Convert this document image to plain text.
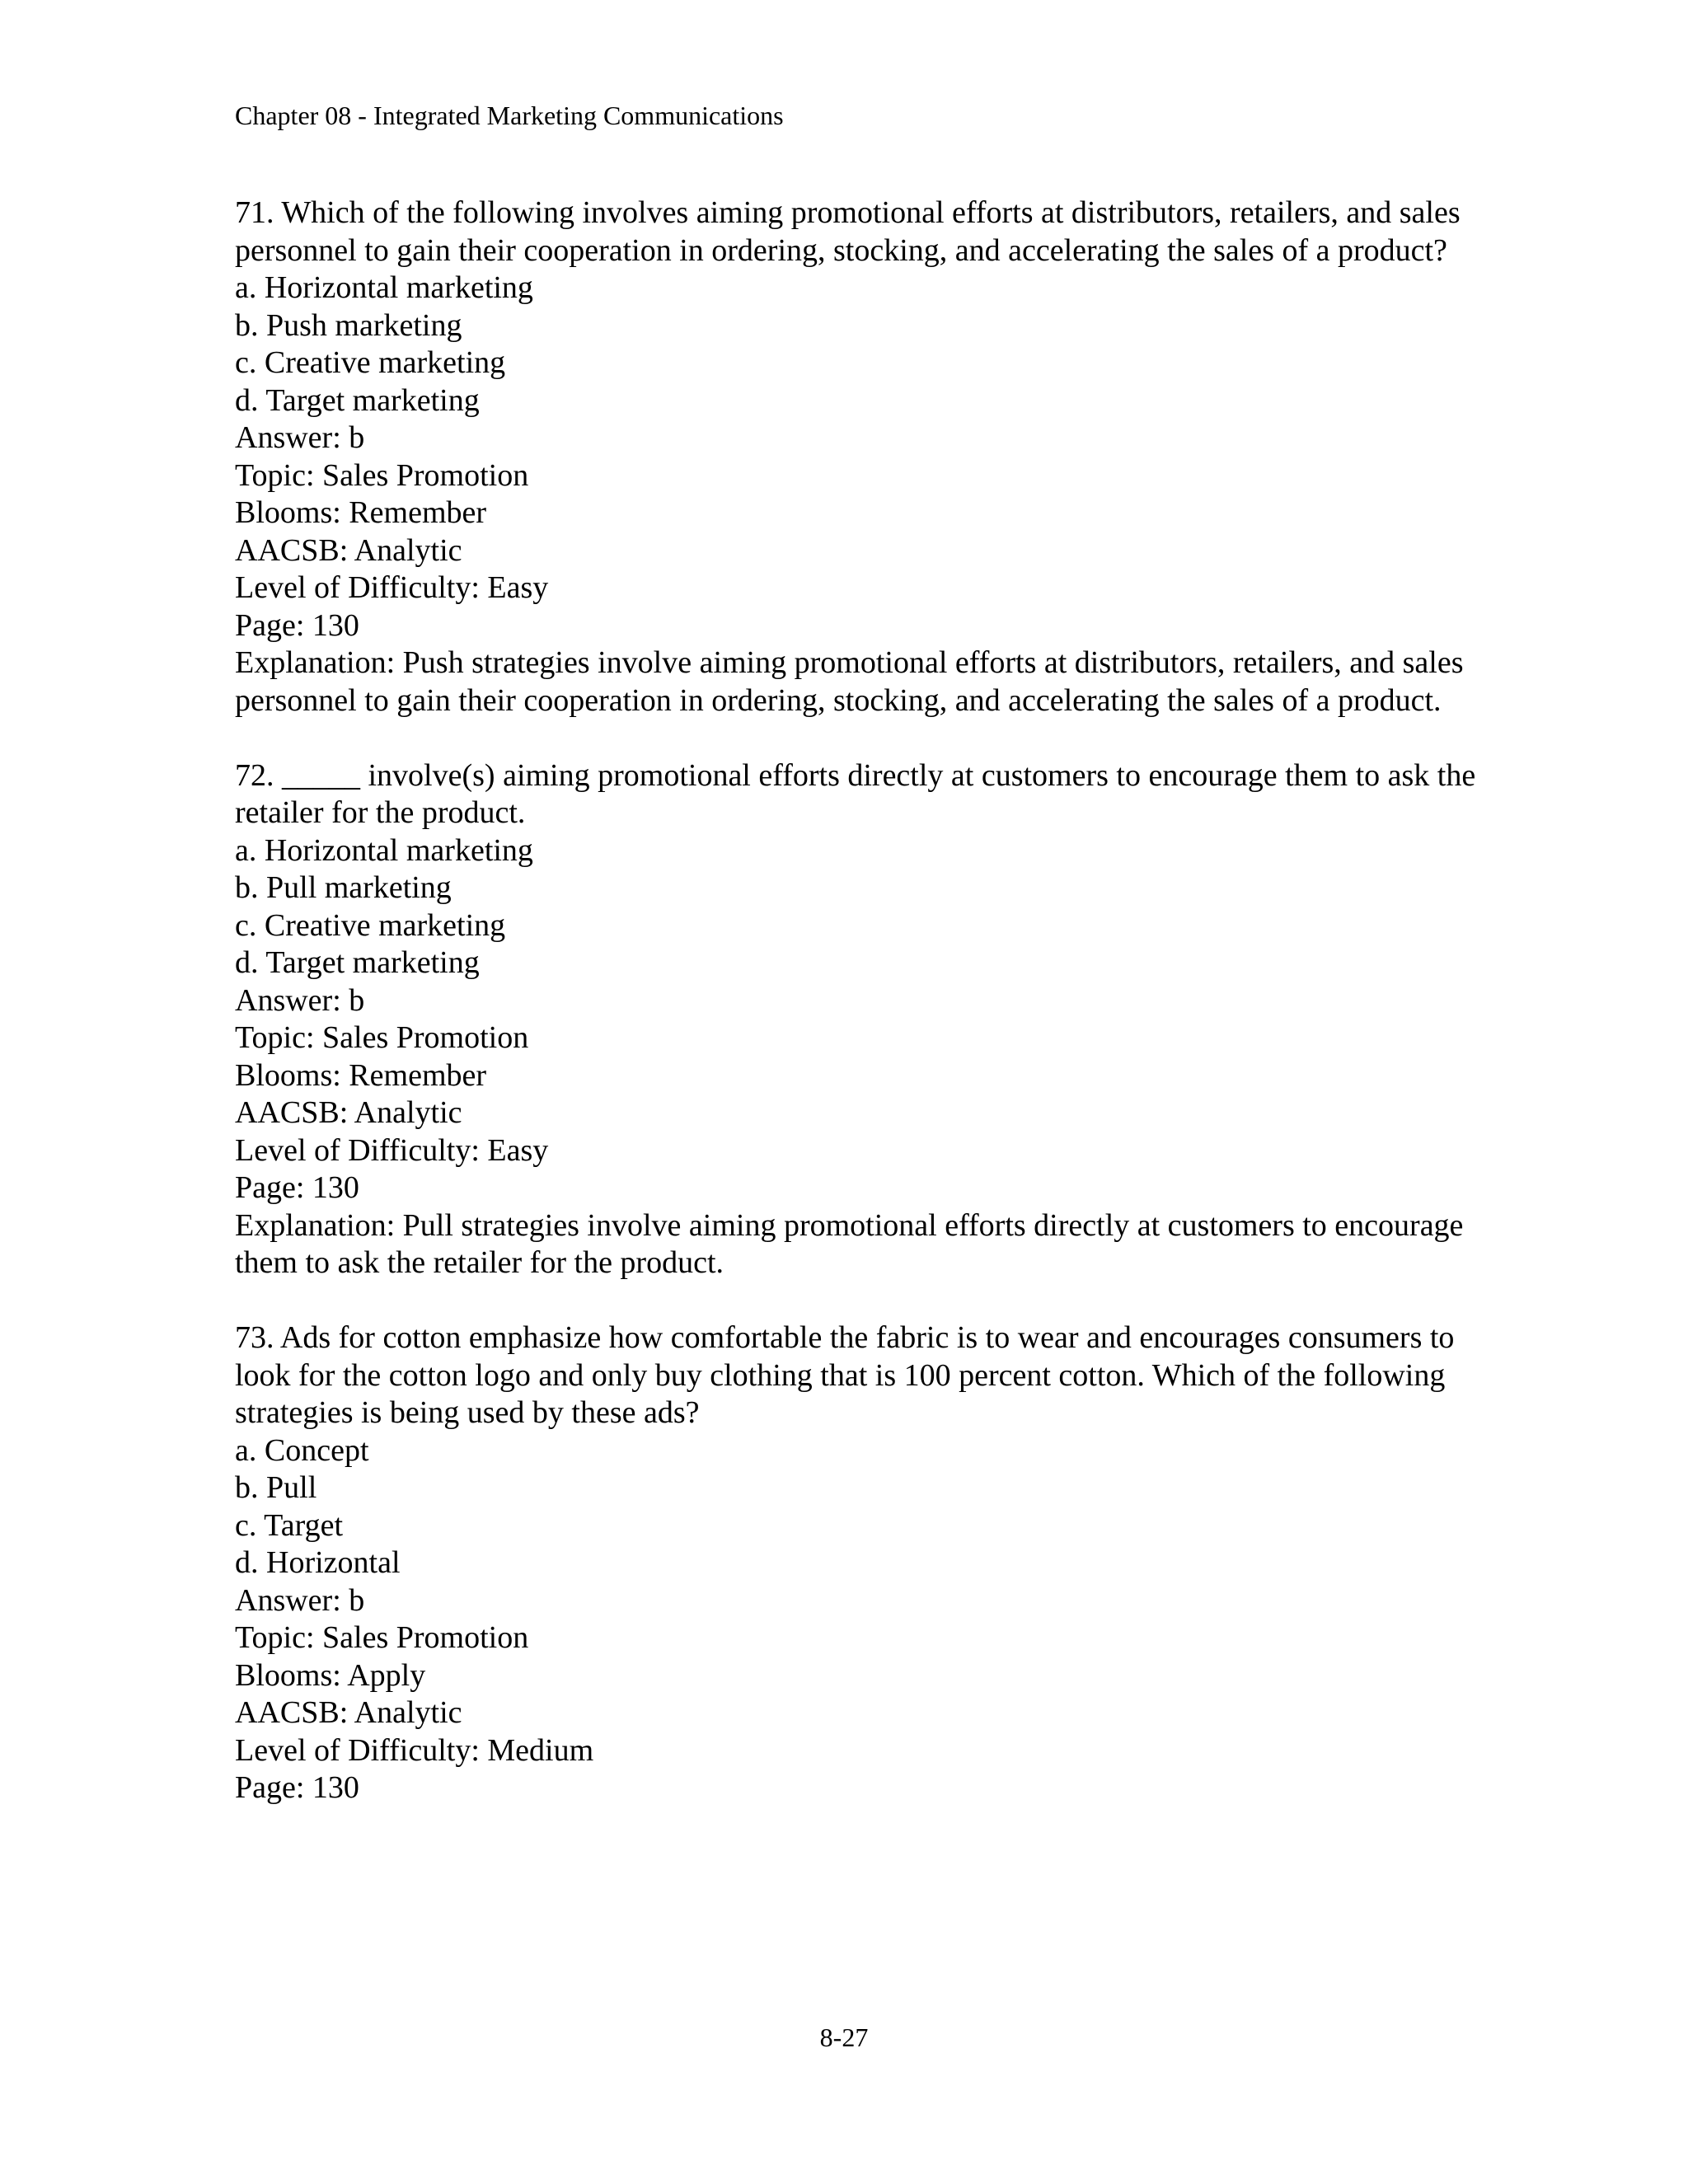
Chapter 08 - Integrated Marketing Communications
71. Which of the following involves aiming promotional efforts at distributors, retailers, and sales personnel to gain their cooperation in ordering, stocking, and accelerating the sales of a product?
a. Horizontal marketing
b. Push marketing
c. Creative marketing
d. Target marketing
Answer: b
Topic: Sales Promotion
Blooms: Remember
AACSB: Analytic
Level of Difficulty: Easy
Page: 130
Explanation: Push strategies involve aiming promotional efforts at distributors, retailers, and sales personnel to gain their cooperation in ordering, stocking, and accelerating the sales of a product.
72. _____ involve(s) aiming promotional efforts directly at customers to encourage them to ask the retailer for the product.
a. Horizontal marketing
b. Pull marketing
c. Creative marketing
d. Target marketing
Answer: b
Topic: Sales Promotion
Blooms: Remember
AACSB: Analytic
Level of Difficulty: Easy
Page: 130
Explanation: Pull strategies involve aiming promotional efforts directly at customers to encourage them to ask the retailer for the product.
73. Ads for cotton emphasize how comfortable the fabric is to wear and encourages consumers to look for the cotton logo and only buy clothing that is 100 percent cotton. Which of the following strategies is being used by these ads?
a. Concept
b. Pull
c. Target
d. Horizontal
Answer: b
Topic: Sales Promotion
Blooms: Apply
AACSB: Analytic
Level of Difficulty: Medium
Page: 130
8-27
